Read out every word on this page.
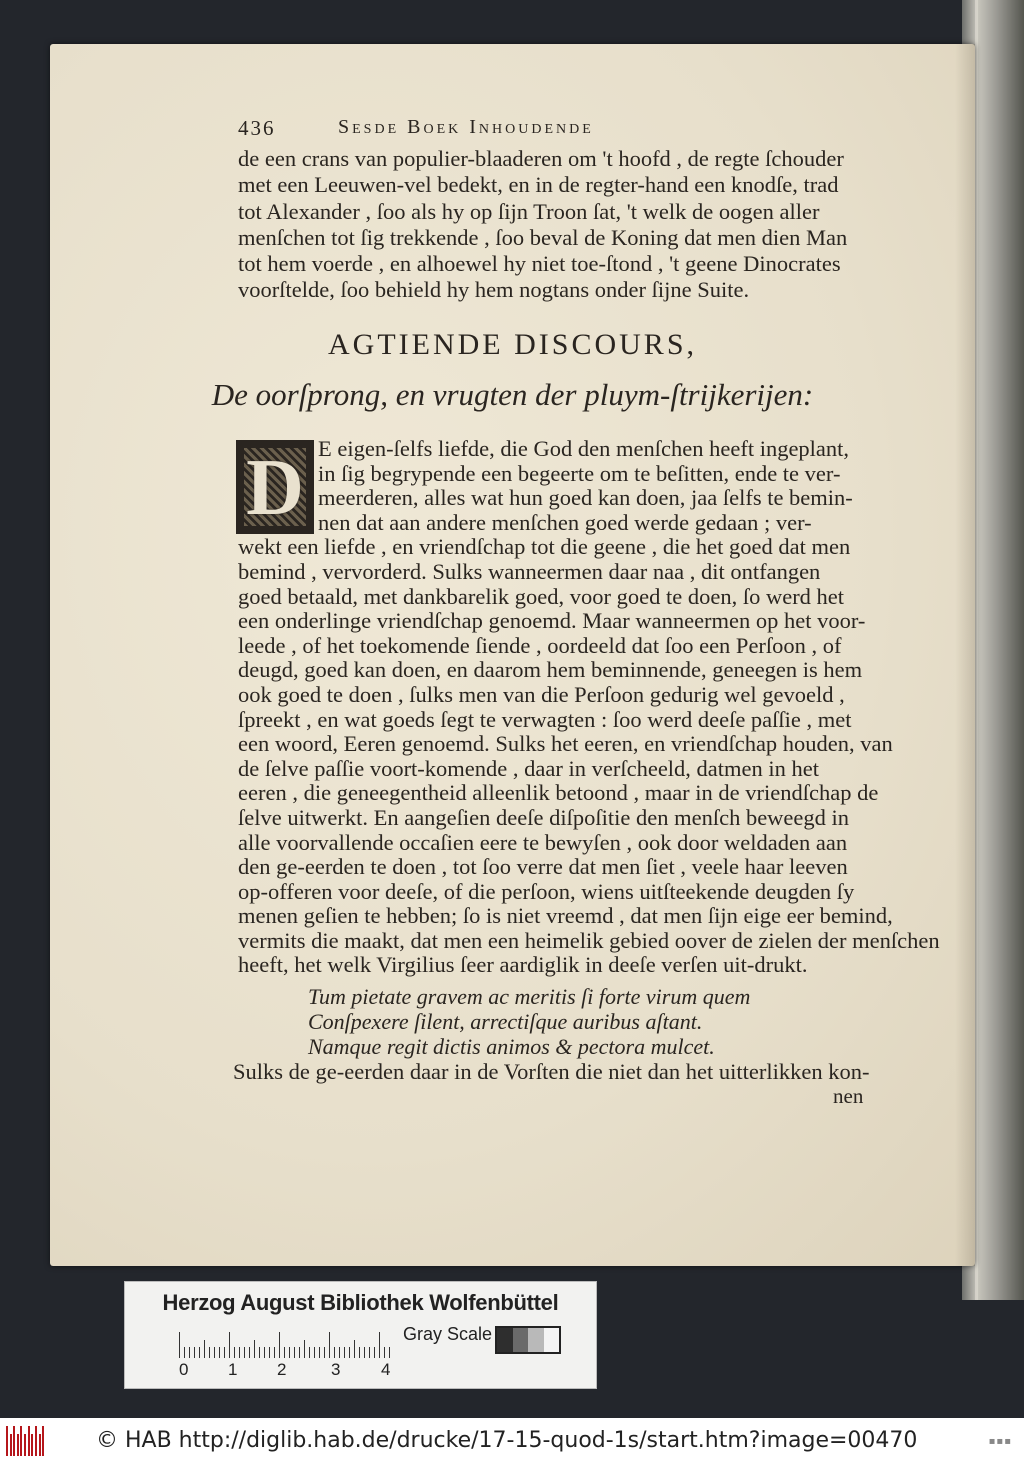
436	Sesde Boek Inhoudende
de een crans van populier-blaaderen om 't hoofd , de regte ſchouder
met een Leeuwen-vel bedekt, en in de regter-hand een knodſe, trad
tot Alexander , ſoo als hy op ſijn Troon ſat, 't welk de oogen aller
menſchen tot ſig trekkende , ſoo beval de Koning dat men dien Man
tot hem voerde , en alhoewel hy niet toe-ſtond , 't geene Dinocrates
voorſtelde, ſoo behield hy hem nogtans onder ſijne Suite.
AGTIENDE DISCOURS,
De oorſprong, en vrugten der pluym-ſtrijkerijen:
D E eigen-ſelfs liefde, die God den menſchen heeft ingeplant,
in ſig begrypende een begeerte om te beſitten, ende te ver-
meerderen, alles wat hun goed kan doen, jaa ſelfs te bemin-
nen dat aan andere menſchen goed werde gedaan ; ver-
wekt een liefde , en vriendſchap tot die geene , die het goed dat men
bemind , vervorderd. Sulks wanneermen daar naa , dit ontfangen
goed betaald, met dankbarelik goed, voor goed te doen, ſo werd het
een onderlinge vriendſchap genoemd. Maar wanneermen op het voor-
leede , of het toekomende ſiende , oordeeld dat ſoo een Perſoon , of
deugd, goed kan doen, en daarom hem beminnende, geneegen is hem
ook goed te doen , ſulks men van die Perſoon gedurig wel gevoeld ,
ſpreekt , en wat goeds ſegt te verwagten : ſoo werd deeſe paſſie , met
een woord, Eeren genoemd. Sulks het eeren, en vriendſchap houden, van
de ſelve paſſie voort-komende , daar in verſcheeld, datmen in het
eeren , die geneegentheid alleenlik betoond , maar in de vriendſchap de
ſelve uitwerkt. En aangeſien deeſe diſpoſitie den menſch beweegd in
alle voorvallende occaſien eere te bewyſen , ook door weldaden aan
den ge-eerden te doen , tot ſoo verre dat men ſiet , veele haar leeven
op-offeren voor deeſe, of die perſoon, wiens uitſteekende deugden ſy
menen geſien te hebben; ſo is niet vreemd , dat men ſijn eige eer bemind,
vermits die maakt, dat men een heimelik gebied oover de zielen der menſchen
heeft, het welk Virgilius ſeer aardiglik in deeſe verſen uit-drukt.
Tum pietate gravem ac meritis ſi forte virum quem
Conſpexere ſilent, arrectiſque auribus aſtant.
Namque regit dictis animos & pectora mulcet.
Sulks de ge-eerden daar in de Vorſten die niet dan het uitterlikken kon-
nen
Herzog August Bibliothek Wolfenbüttel
0 1 2	3 4
Gray Scale
© HAB http://diglib.hab.de/drucke/17-15-quod-1s/start.htm?image=00470	▪▪▪
